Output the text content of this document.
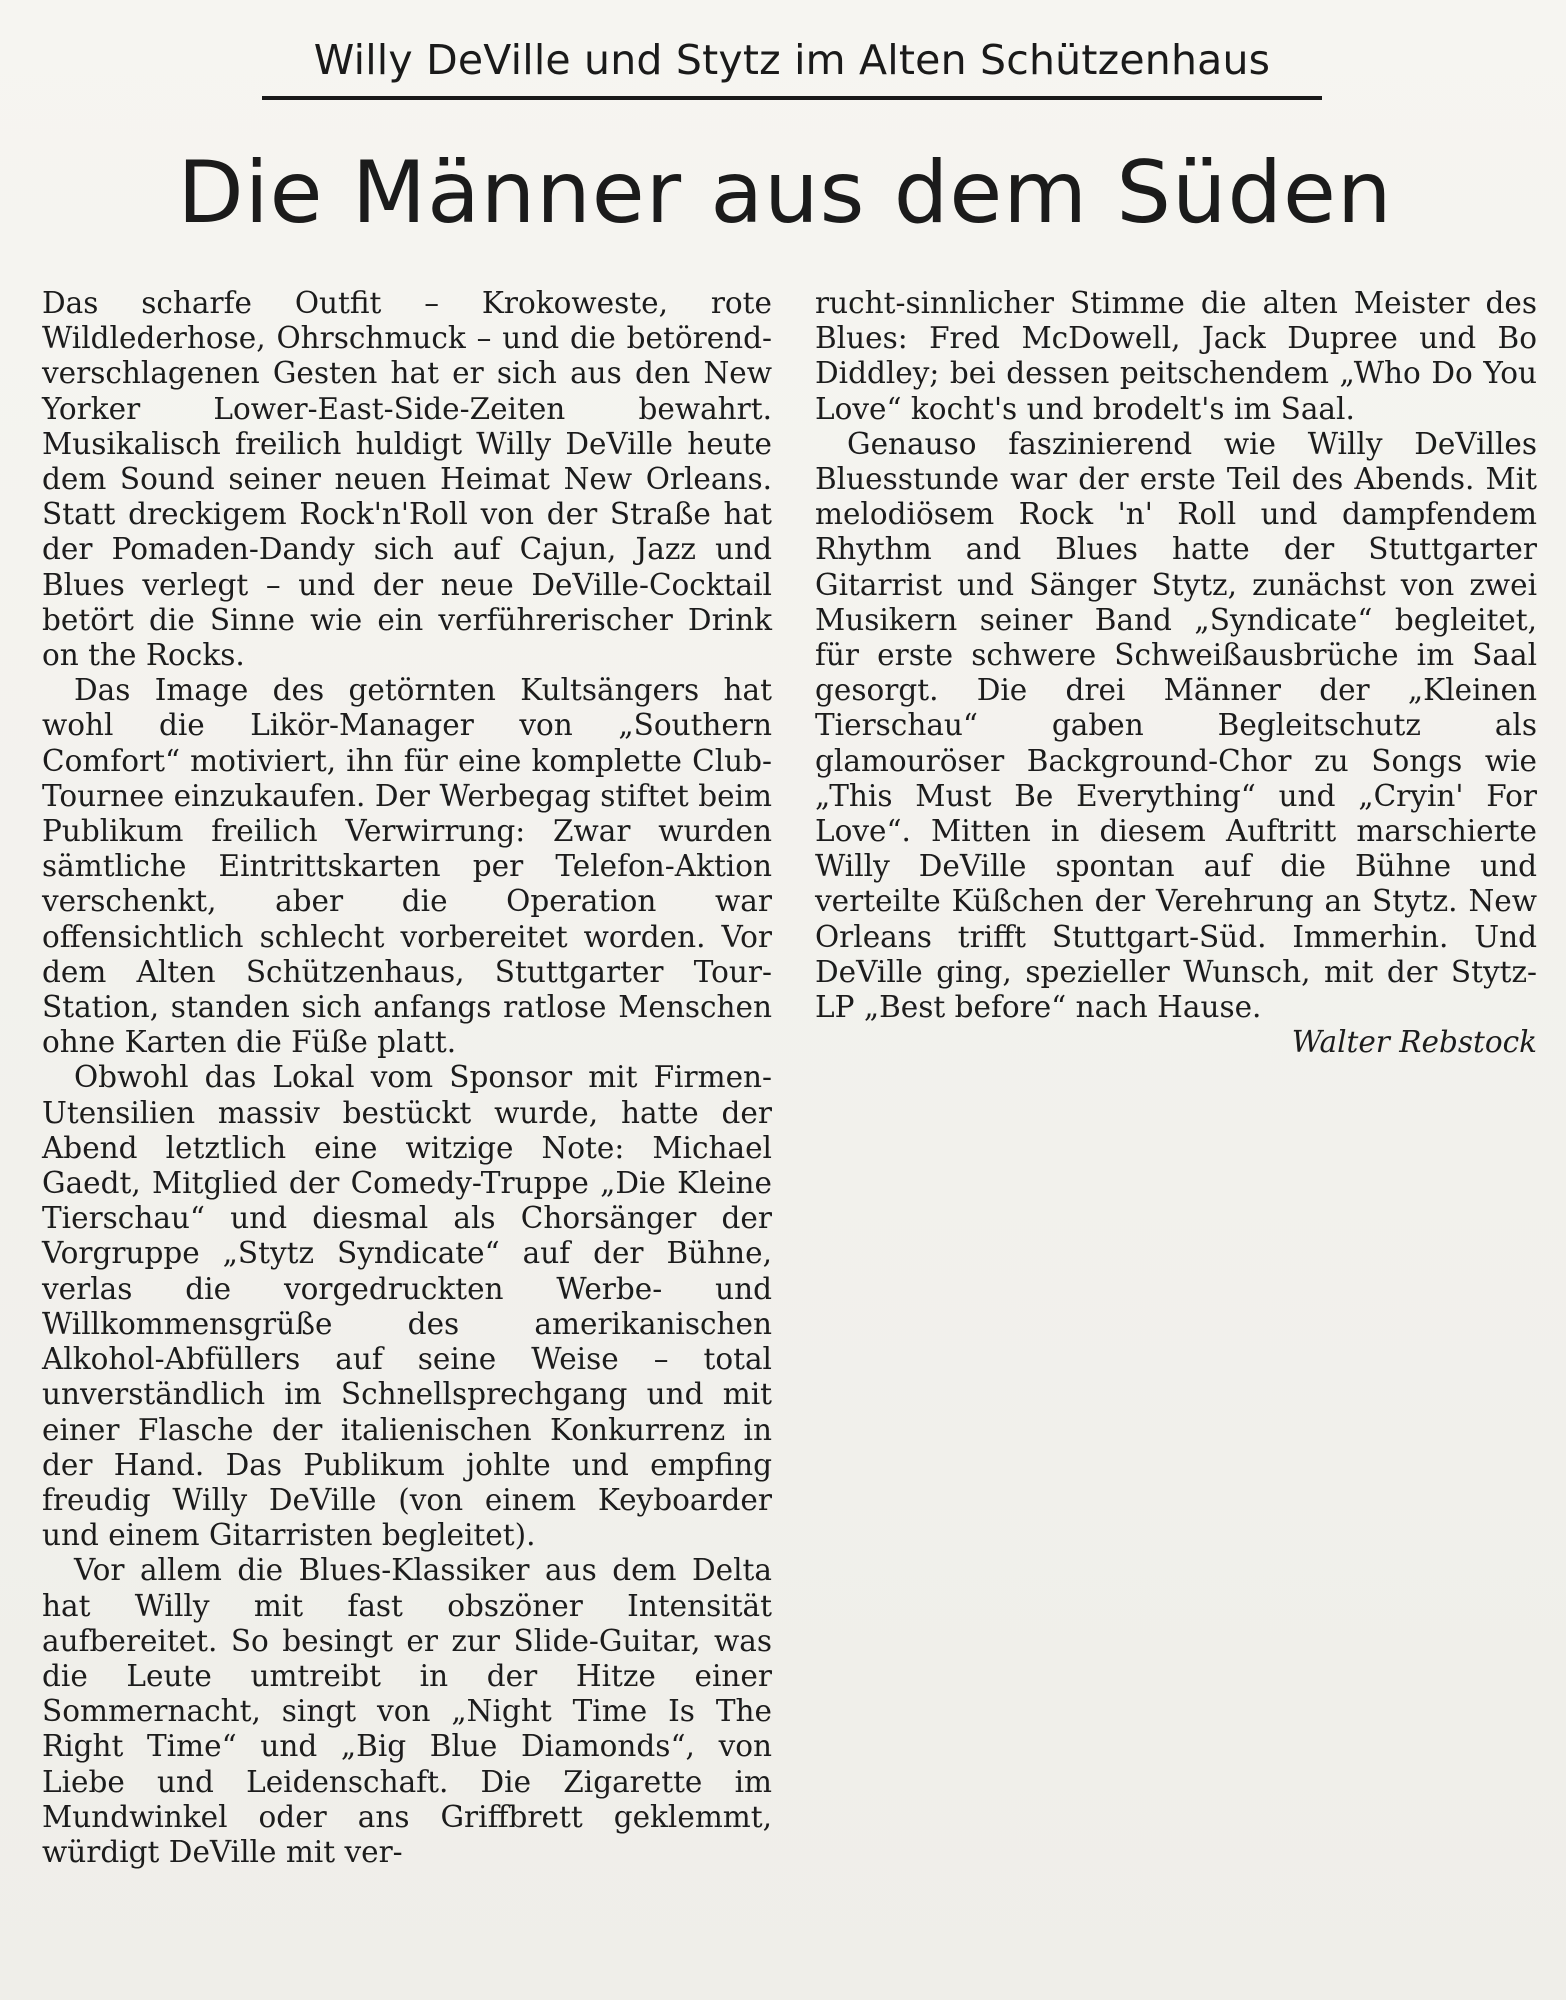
Willy DeVille und Stytz im Alten Schützenhaus
Die Männer aus dem Süden

Das scharfe Outfit – Krokoweste, rote Wildlederhose, Ohrschmuck – und die betörend-verschlagenen Gesten hat er sich aus den New Yorker Lower-East-Side-Zeiten bewahrt. Musikalisch freilich huldigt Willy DeVille heute dem Sound seiner neuen Heimat New Orleans. Statt dreckigem Rock'n'Roll von der Straße hat der Pomaden-Dandy sich auf Cajun, Jazz und Blues verlegt – und der neue DeVille-Cocktail betört die Sinne wie ein verführerischer Drink on the Rocks.

Das Image des getörnten Kultsängers hat wohl die Likör-Manager von „Southern Comfort“ motiviert, ihn für eine komplette Club-Tournee einzukaufen. Der Werbegag stiftet beim Publikum freilich Verwirrung: Zwar wurden sämtliche Eintrittskarten per Telefon-Aktion verschenkt, aber die Operation war offensichtlich schlecht vorbereitet worden. Vor dem Alten Schützenhaus, Stuttgarter Tour-Station, standen sich anfangs ratlose Menschen ohne Karten die Füße platt.

Obwohl das Lokal vom Sponsor mit Firmen-Utensilien massiv bestückt wurde, hatte der Abend letztlich eine witzige Note: Michael Gaedt, Mitglied der Comedy-Truppe „Die Kleine Tierschau“ und diesmal als Chorsänger der Vorgruppe „Stytz Syndicate“ auf der Bühne, verlas die vorgedruckten Werbe- und Willkommensgrüße des amerikanischen Alkohol-Abfüllers auf seine Weise – total unverständlich im Schnellsprechgang und mit einer Flasche der italienischen Konkurrenz in der Hand. Das Publikum johlte und empfing freudig Willy DeVille (von einem Keyboarder und einem Gitarristen begleitet).

Vor allem die Blues-Klassiker aus dem Delta hat Willy mit fast obszöner Intensität aufbereitet. So besingt er zur Slide-Guitar, was die Leute umtreibt in der Hitze einer Sommernacht, singt von „Night Time Is The Right Time“ und „Big Blue Diamonds“, von Liebe und Leidenschaft. Die Zigarette im Mundwinkel oder ans Griffbrett geklemmt, würdigt DeVille mit ver-

rucht-sinnlicher Stimme die alten Meister des Blues: Fred McDowell, Jack Dupree und Bo Diddley; bei dessen peitschendem „Who Do You Love“ kocht's und brodelt's im Saal.

Genauso faszinierend wie Willy DeVilles Bluesstunde war der erste Teil des Abends. Mit melodiösem Rock 'n' Roll und dampfendem Rhythm and Blues hatte der Stuttgarter Gitarrist und Sänger Stytz, zunächst von zwei Musikern seiner Band „Syndicate“ begleitet, für erste schwere Schweißausbrüche im Saal gesorgt. Die drei Männer der „Kleinen Tierschau“ gaben Begleitschutz als glamouröser Background-Chor zu Songs wie „This Must Be Everything“ und „Cryin' For Love“. Mitten in diesem Auftritt marschierte Willy DeVille spontan auf die Bühne und verteilte Küßchen der Verehrung an Stytz. New Orleans trifft Stuttgart-Süd. Immerhin. Und DeVille ging, spezieller Wunsch, mit der Stytz-LP „Best before“ nach Hause.

Walter Rebstock
